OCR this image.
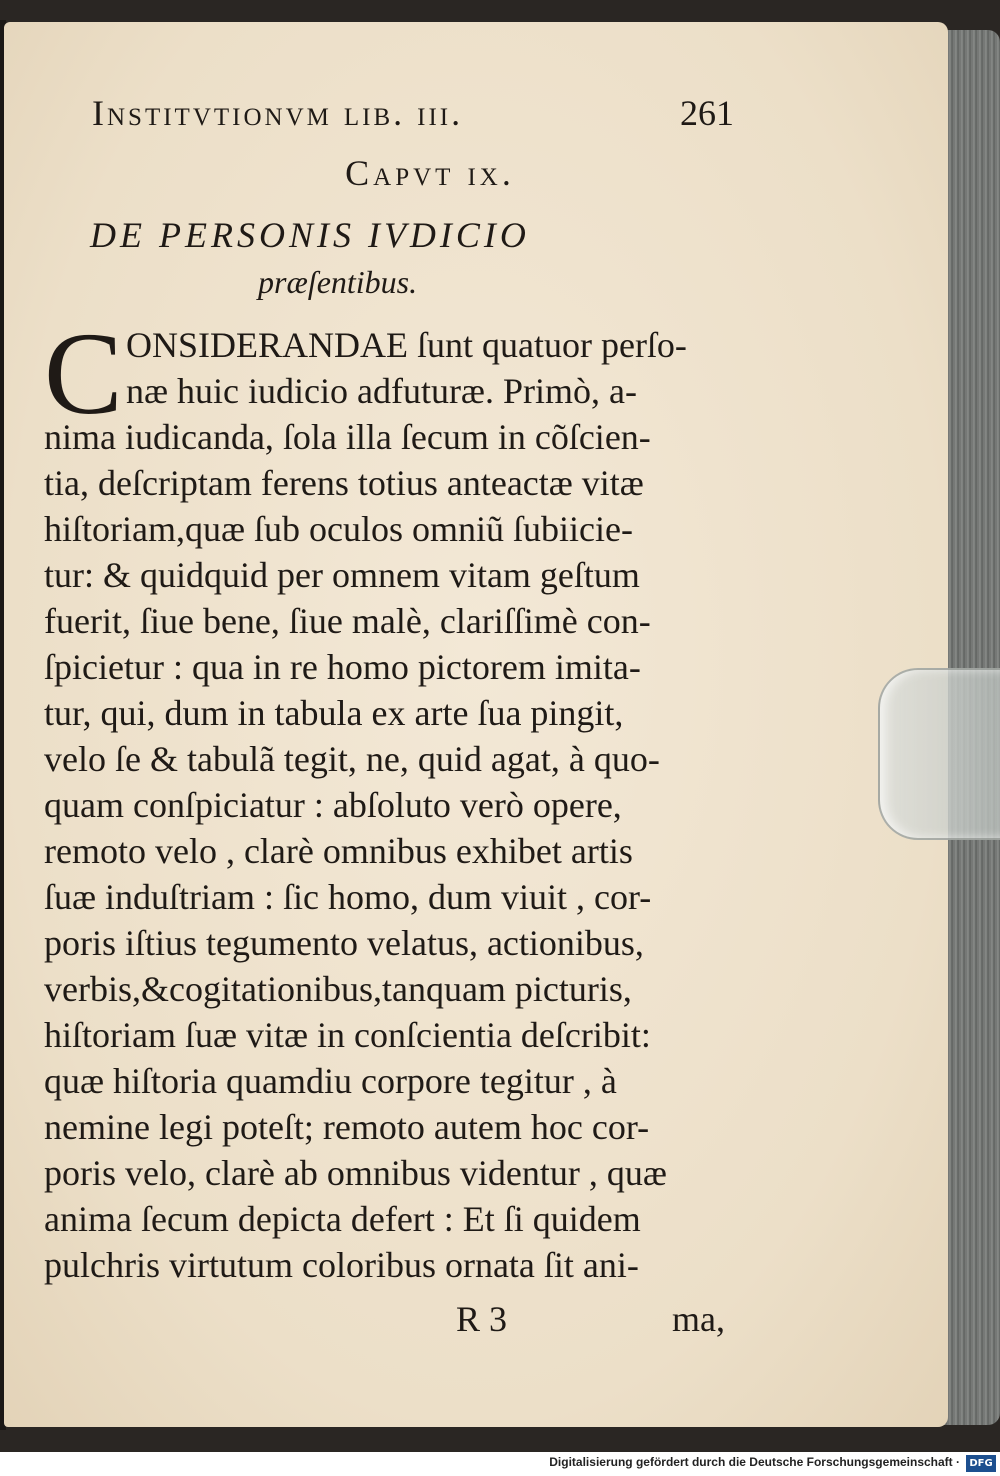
Institvtionvm lib. iii.	261
Capvt ix.
DE PERSONIS IVDICIO
præſentibus.
C ONSIDERANDAE ſunt quatuor perſo-
næ huic iudicio adfuturæ. Primò, a-
nima iudicanda, ſola illa ſecum in cõſcien-
tia, deſcriptam ferens totius anteactæ vitæ
hiſtoriam,quæ ſub oculos omniũ ſubiicie-
tur: & quidquid per omnem vitam geſtum
fuerit, ſiue bene, ſiue malè, clariſſimè con-
ſpicietur : qua in re homo pictorem imita-
tur, qui, dum in tabula ex arte ſua pingit,
velo ſe & tabulã tegit, ne, quid agat, à quo-
quam conſpiciatur : abſoluto verò opere,
remoto velo , clarè omnibus exhibet artis
ſuæ induſtriam : ſic homo, dum viuit , cor-
poris iſtius tegumento velatus, actionibus,
verbis,&cogitationibus,tanquam picturis,
hiſtoriam ſuæ vitæ in conſcientia deſcribit:
quæ hiſtoria quamdiu corpore tegitur , à
nemine legi poteſt; remoto autem hoc cor-
poris velo, clarè ab omnibus videntur , quæ
anima ſecum depicta defert : Et ſi quidem
pulchris virtutum coloribus ornata ſit ani-
R 3	ma,
Digitalisierung gefördert durch die Deutsche Forschungsgemeinschaft · DFG
